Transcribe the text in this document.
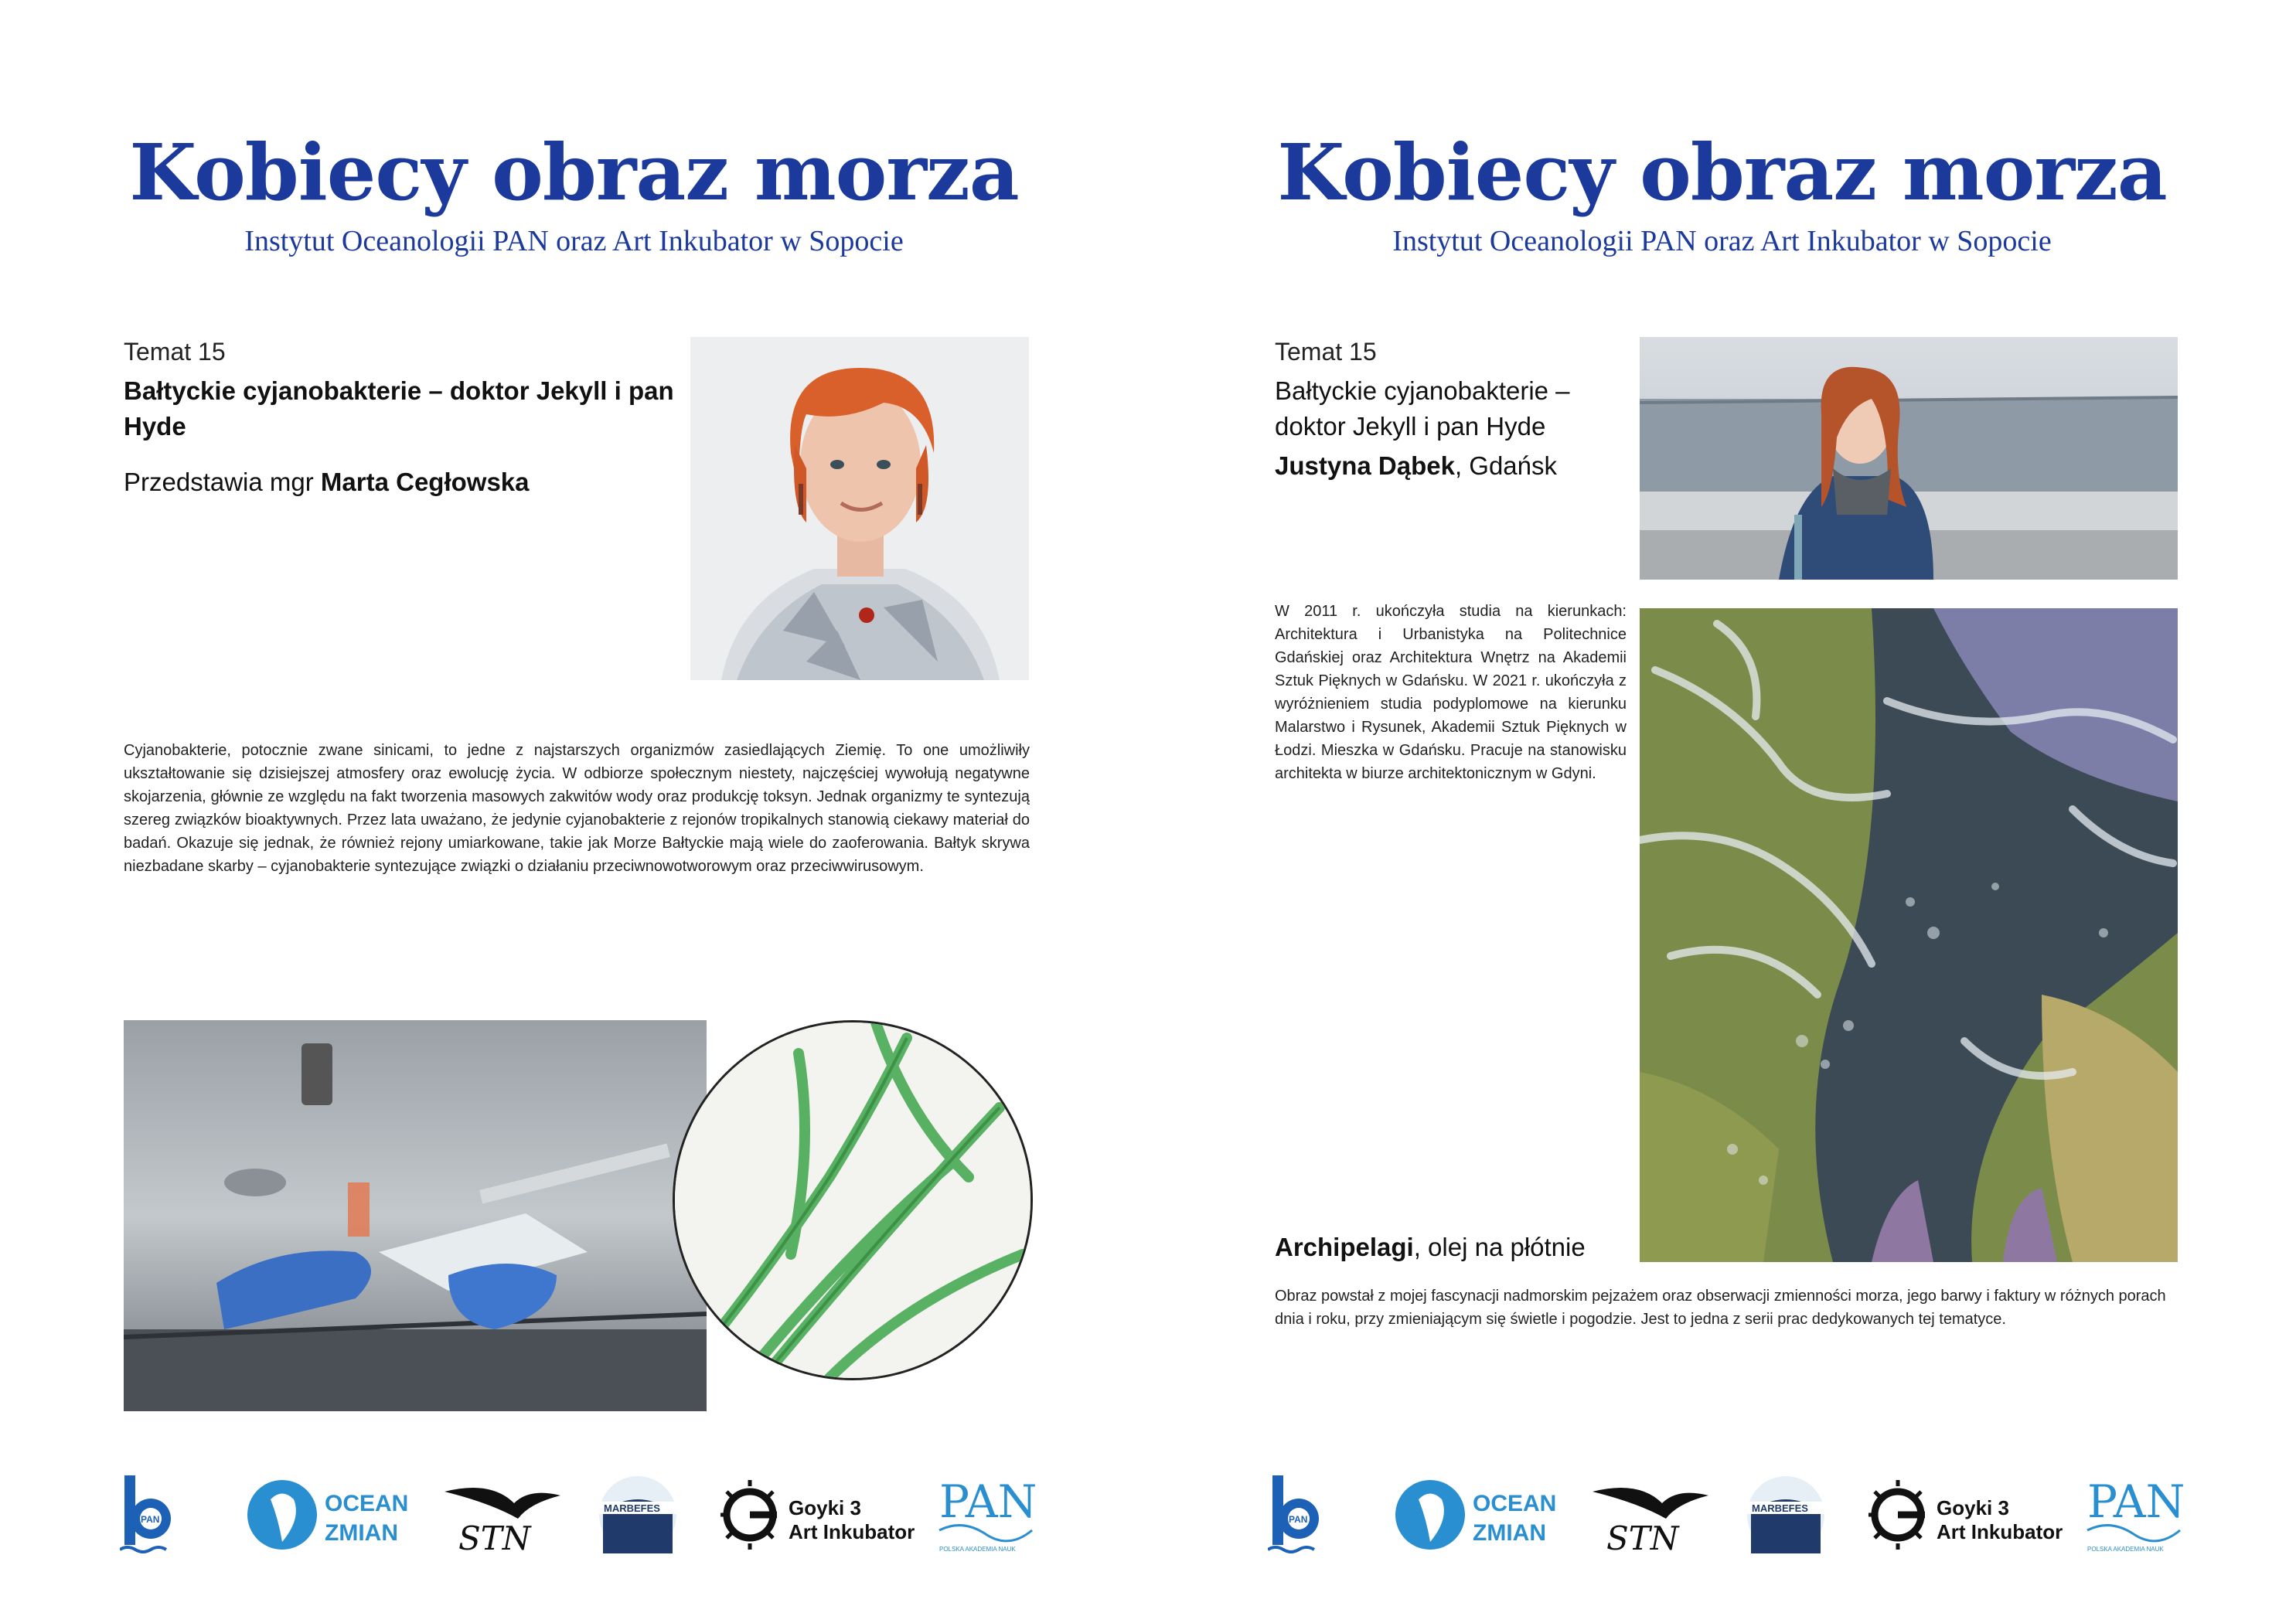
Kobiecy obraz morza

Instytut Oceanologii PAN oraz Art Inkubator w Sopocie

Temat 15
Bałtyckie cyjanobakterie – doktor Jekyll i pan Hyde
Przedstawia mgr Marta Cegłowska
Cyjanobakterie, potocznie zwane sinicami, to jedne z najstarszych organizmów zasiedlających Ziemię. To one umożliwiły ukształtowanie się dzisiejszej atmosfery oraz ewolucję życia. W odbiorze społecznym niestety, najczęściej wywołują negatywne skojarzenia, głównie ze względu na fakt tworzenia masowych zakwitów wody oraz produkcję toksyn. Jednak organizmy te syntezują szereg związków bioaktywnych. Przez lata uważano, że jedynie cyjanobakterie z rejonów tropikalnych stanowią ciekawy materiał do badań. Okazuje się jednak, że również rejony umiarkowane, takie jak Morze Bałtyckie mają wiele do zaoferowania. Bałtyk skrywa niezbadane skarby – cyjanobakterie syntezujące związki o działaniu przeciwnowotworowym oraz przeciwwirusowym.
PAN
OCEAN
ZMIAN STN
MARBEFES	Goyki 3
Art Inkubator
PAN
POLSKA AKADEMIA NAUK
Kobiecy obraz morza

Instytut Oceanologii PAN oraz Art Inkubator w Sopocie

Temat 15
Bałtyckie cyjanobakterie – doktor Jekyll i pan Hyde
Justyna Dąbek, Gdańsk
W 2011 r. ukończyła studia na kierunkach: Architektura i Urbanistyka na Politechnice Gdańskiej oraz Architektura Wnętrz na Akademii Sztuk Pięknych w Gdańsku. W 2021 r. ukończyła z wyróżnieniem studia podyplomowe na kierunku Malarstwo i Rysunek, Akademii Sztuk Pięknych w Łodzi. Mieszka w Gdańsku. Pracuje na stanowisku architekta w biurze architektonicznym w Gdyni.
Archipelagi, olej na płótnie
Obraz powstał z mojej fascynacji nadmorskim pejzażem oraz obserwacji zmienności morza, jego barwy i faktury w różnych porach dnia i roku, przy zmieniającym się świetle i pogodzie. Jest to jedna z serii prac dedykowanych tej tematyce.
PAN
OCEAN
ZMIAN STN
MARBEFES	Goyki 3
Art Inkubator
PAN
POLSKA AKADEMIA NAUK
